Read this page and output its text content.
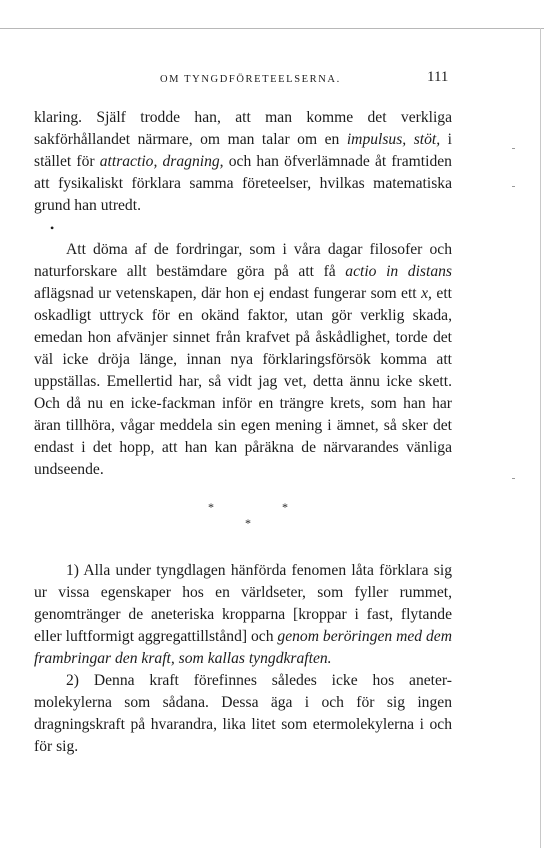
OM TYNGDFÖRETEELSERNA.	111

klaring. Själf trodde han, att man komme det verkliga sakförhållandet närmare, om man talar om en impulsus, stöt, i stället för attractio, dragning, och han öfverlämnade åt framtiden att fysikaliskt förklara samma företeelser, hvilkas matematiska grund han utredt.

•

Att döma af de fordringar, som i våra dagar filosofer och naturforskare allt bestämdare göra på att få actio in distans aflägsnad ur vetenskapen, där hon ej endast fungerar som ett x, ett oskadligt uttryck för en okänd faktor, utan gör verklig skada, emedan hon afvänjer sinnet från krafvet på åskådlighet, torde det väl icke dröja länge, innan nya förklaringsförsök komma att uppställas. Emellertid har, så vidt jag vet, detta ännu icke skett. Och då nu en icke-fackman inför en trängre krets, som han har äran tillhöra, vågar meddela sin egen mening i ämnet, så sker det endast i det hopp, att han kan påräkna de närvarandes vänliga undseende.

*	*
*

1) Alla under tyngdlagen hänförda fenomen låta förklara sig ur vissa egenskaper hos en världseter, som fyller rummet, genomtränger de aneteriska kropparna [kroppar i fast, flytande eller luftformigt aggregattillstånd] och genom beröringen med dem frambringar den kraft, som kallas tyngdkraften.

2) Denna kraft förefinnes således icke hos aneter-molekylerna som sådana. Dessa äga i och för sig ingen dragningskraft på hvarandra, lika litet som etermolekylerna i och för sig.
